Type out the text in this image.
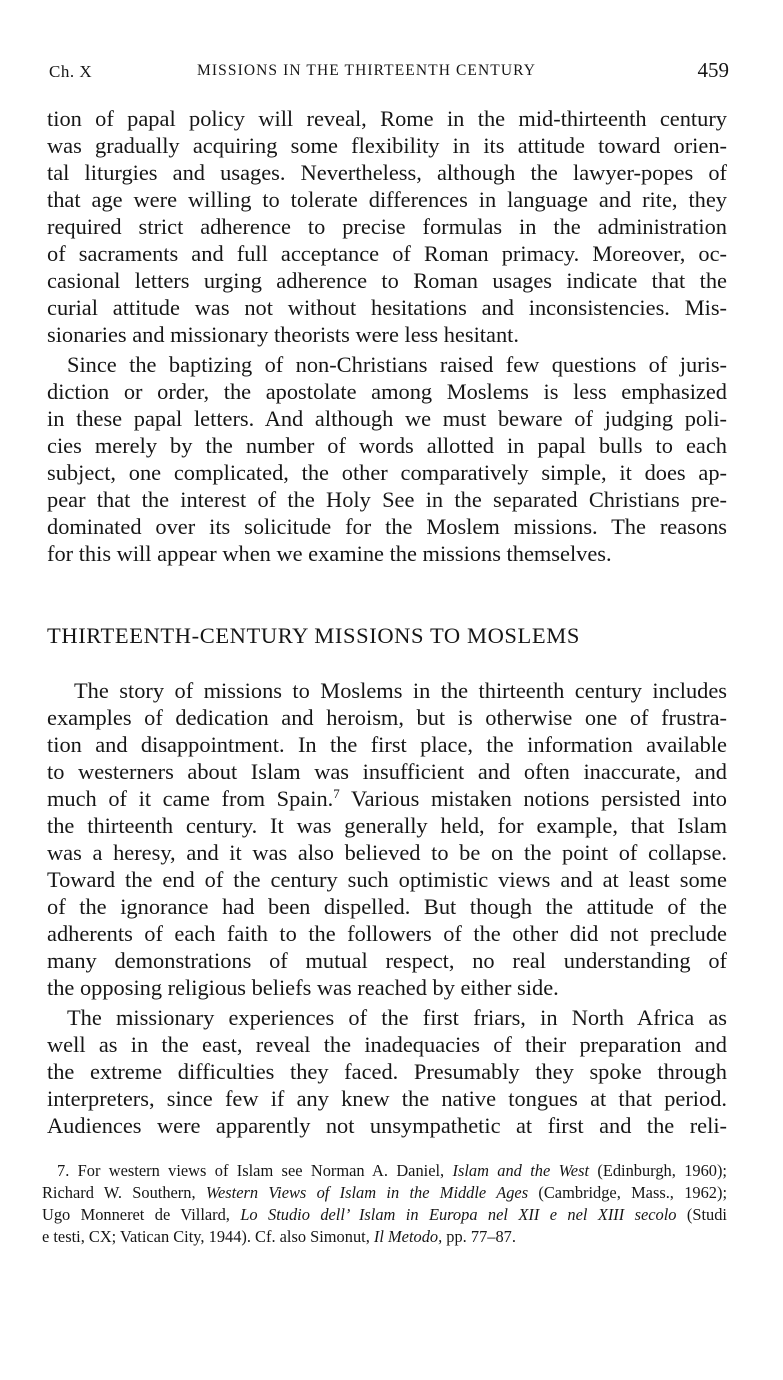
Ch. X	MISSIONS IN THE THIRTEENTH CENTURY	459
tion of papal policy will reveal, Rome in the mid-thirteenth century
was gradually acquiring some flexibility in its attitude toward orien-
tal liturgies and usages. Nevertheless, although the lawyer-popes of
that age were willing to tolerate differences in language and rite, they
required strict adherence to precise formulas in the administration
of sacraments and full acceptance of Roman primacy. Moreover, oc-
casional letters urging adherence to Roman usages indicate that the
curial attitude was not without hesitations and inconsistencies. Mis-
sionaries and missionary theorists were less hesitant.
Since the baptizing of non-Christians raised few questions of juris-
diction or order, the apostolate among Moslems is less emphasized
in these papal letters. And although we must beware of judging poli-
cies merely by the number of words allotted in papal bulls to each
subject, one complicated, the other comparatively simple, it does ap-
pear that the interest of the Holy See in the separated Christians pre-
dominated over its solicitude for the Moslem missions. The reasons
for this will appear when we examine the missions themselves.
THIRTEENTH-CENTURY MISSIONS TO MOSLEMS
The story of missions to Moslems in the thirteenth century includes
examples of dedication and heroism, but is otherwise one of frustra-
tion and disappointment. In the first place, the information available
to westerners about Islam was insufficient and often inaccurate, and
much of it came from Spain.$^7$ Various mistaken notions persisted into
the thirteenth century. It was generally held, for example, that Islam
was a heresy, and it was also believed to be on the point of collapse.
Toward the end of the century such optimistic views and at least some
of the ignorance had been dispelled. But though the attitude of the
adherents of each faith to the followers of the other did not preclude
many demonstrations of mutual respect, no real understanding of
the opposing religious beliefs was reached by either side.
The missionary experiences of the first friars, in North Africa as
well as in the east, reveal the inadequacies of their preparation and
the extreme difficulties they faced. Presumably they spoke through
interpreters, since few if any knew the native tongues at that period.
Audiences were apparently not unsympathetic at first and the reli-
7. For western views of Islam see Norman A. Daniel, Islam and the West (Edinburgh, 1960);
Richard W. Southern, Western Views of Islam in the Middle Ages (Cambridge, Mass., 1962);
Ugo Monneret de Villard, Lo Studio dell’ Islam in Europa nel XII e nel XIII secolo (Studi
e testi, CX; Vatican City, 1944). Cf. also Simonut, Il Metodo, pp. 77–87.
